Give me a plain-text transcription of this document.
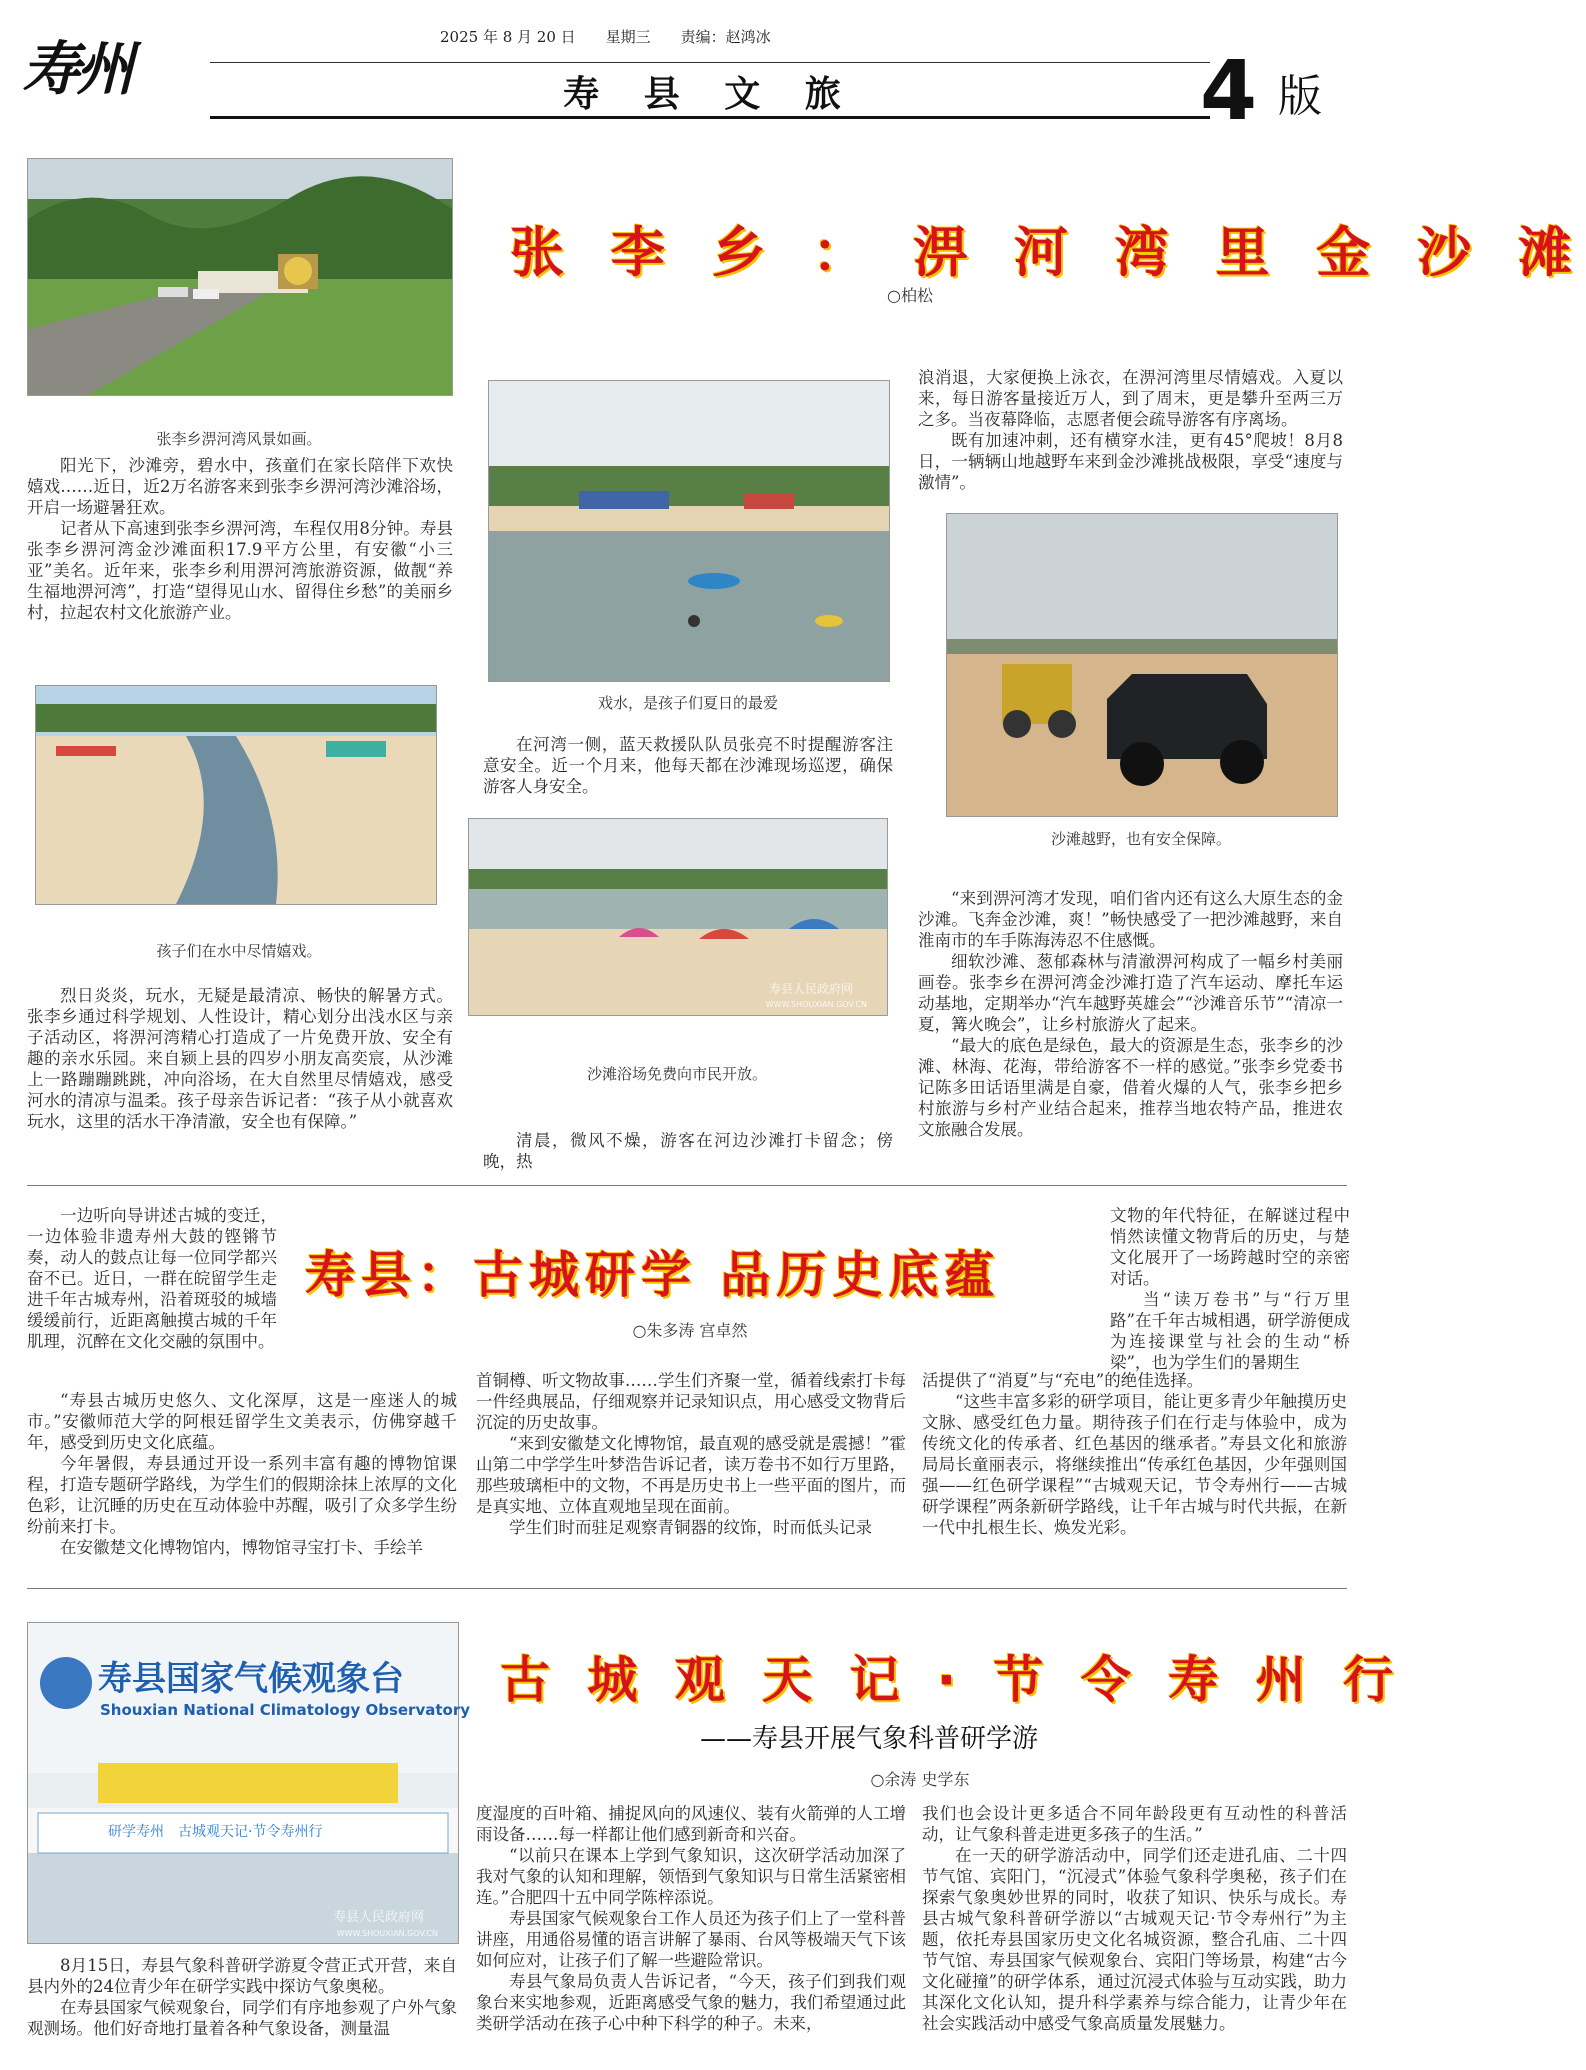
寿州	2025 年 8 月 20 日　　星期三　　责编：赵鸿冰
寿 县 文 旅	4 版
张 李 乡 ： 淠 河 湾 里 金 沙 滩
○柏松
张李乡淠河湾风景如画。

阳光下，沙滩旁，碧水中，孩童们在家长陪伴下欢快嬉戏……近日，近2万名游客来到张李乡淠河湾沙滩浴场，开启一场避暑狂欢。

记者从下高速到张李乡淠河湾，车程仅用8分钟。寿县张李乡淠河湾金沙滩面积17.9平方公里，有安徽“小三亚”美名。近年来，张李乡利用淠河湾旅游资源，做靓“养生福地淠河湾”，打造“望得见山水、留得住乡愁”的美丽乡村，拉起农村文化旅游产业。

孩子们在水中尽情嬉戏。

烈日炎炎，玩水，无疑是最清凉、畅快的解暑方式。张李乡通过科学规划、人性设计，精心划分出浅水区与亲子活动区，将淠河湾精心打造成了一片免费开放、安全有趣的亲水乐园。来自颍上县的四岁小朋友高奕宸，从沙滩上一路蹦蹦跳跳，冲向浴场，在大自然里尽情嬉戏，感受河水的清凉与温柔。孩子母亲告诉记者：“孩子从小就喜欢玩水，这里的活水干净清澈，安全也有保障。”

戏水，是孩子们夏日的最爱

在河湾一侧，蓝天救援队队员张亮不时提醒游客注意安全。近一个月来，他每天都在沙滩现场巡逻，确保游客人身安全。

寿县人民政府网
WWW.SHOUXIAN.GOV.CN
沙滩浴场免费向市民开放。

清晨，微风不燥，游客在河边沙滩打卡留念；傍晚，热

浪消退，大家便换上泳衣，在淠河湾里尽情嬉戏。入夏以来，每日游客量接近万人，到了周末，更是攀升至两三万之多。当夜幕降临，志愿者便会疏导游客有序离场。

既有加速冲刺，还有横穿水洼，更有45°爬坡！8月8日，一辆辆山地越野车来到金沙滩挑战极限，享受“速度与激情”。

沙滩越野，也有安全保障。

“来到淠河湾才发现，咱们省内还有这么大原生态的金沙滩。飞奔金沙滩，爽！”畅快感受了一把沙滩越野，来自淮南市的车手陈海涛忍不住感慨。

细软沙滩、葱郁森林与清澈淠河构成了一幅乡村美丽画卷。张李乡在淠河湾金沙滩打造了汽车运动、摩托车运动基地，定期举办“汽车越野英雄会”“沙滩音乐节”“清凉一夏，篝火晚会”，让乡村旅游火了起来。

“最大的底色是绿色，最大的资源是生态，张李乡的沙滩、林海、花海，带给游客不一样的感觉。”张李乡党委书记陈多田话语里满是自豪，借着火爆的人气，张李乡把乡村旅游与乡村产业结合起来，推荐当地农特产品，推进农文旅融合发展。

一边听向导讲述古城的变迁，一边体验非遗寿州大鼓的铿锵节奏，动人的鼓点让每一位同学都兴奋不已。近日，一群在皖留学生走进千年古城寿州，沿着斑驳的城墙缓缓前行，近距离触摸古城的千年肌理，沉醉在文化交融的氛围中。

寿县：古城研学 品历史底蕴
○朱多涛 宫卓然

“寿县古城历史悠久、文化深厚，这是一座迷人的城市。”安徽师范大学的阿根廷留学生文美表示，仿佛穿越千年，感受到历史文化底蕴。

今年暑假，寿县通过开设一系列丰富有趣的博物馆课程，打造专题研学路线，为学生们的假期涂抹上浓厚的文化色彩，让沉睡的历史在互动体验中苏醒，吸引了众多学生纷纷前来打卡。

在安徽楚文化博物馆内，博物馆寻宝打卡、手绘羊

首铜樽、听文物故事……学生们齐聚一堂，循着线索打卡每一件经典展品，仔细观察并记录知识点，用心感受文物背后沉淀的历史故事。

“来到安徽楚文化博物馆，最直观的感受就是震撼！”霍山第二中学学生叶梦浩告诉记者，读万卷书不如行万里路，那些玻璃柜中的文物，不再是历史书上一些平面的图片，而是真实地、立体直观地呈现在面前。

学生们时而驻足观察青铜器的纹饰，时而低头记录

文物的年代特征，在解谜过程中悄然读懂文物背后的历史，与楚文化展开了一场跨越时空的亲密对话。

当“读万卷书”与“行万里路”在千年古城相遇，研学游便成为连接课堂与社会的生动“桥梁”，也为学生们的暑期生

活提供了“消夏”与“充电”的绝佳选择。

“这些丰富多彩的研学项目，能让更多青少年触摸历史文脉、感受红色力量。期待孩子们在行走与体验中，成为传统文化的传承者、红色基因的继承者。”寿县文化和旅游局局长童丽表示，将继续推出“传承红色基因，少年强则国强——红色研学课程”“古城观天记，节令寿州行——古城研学课程”两条新研学路线，让千年古城与时代共振，在新一代中扎根生长、焕发光彩。

寿县国家气候观象台
Shouxian National Climatology Observatory
研学寿州　古城观天记·节令寿州行
寿县人民政府网
WWW.SHOUXIAN.GOV.CN
古 城 观 天 记 · 节 令 寿 州 行
——寿县开展气象科普研学游
○余涛 史学东

8月15日，寿县气象科普研学游夏令营正式开营，来自县内外的24位青少年在研学实践中探访气象奥秘。

在寿县国家气候观象台，同学们有序地参观了户外气象观测场。他们好奇地打量着各种气象设备，测量温

度湿度的百叶箱、捕捉风向的风速仪、装有火箭弹的人工增雨设备……每一样都让他们感到新奇和兴奋。

“以前只在课本上学到气象知识，这次研学活动加深了我对气象的认知和理解，领悟到气象知识与日常生活紧密相连。”合肥四十五中同学陈梓添说。

寿县国家气候观象台工作人员还为孩子们上了一堂科普讲座，用通俗易懂的语言讲解了暴雨、台风等极端天气下该如何应对，让孩子们了解一些避险常识。

寿县气象局负责人告诉记者，“今天，孩子们到我们观象台来实地参观，近距离感受气象的魅力，我们希望通过此类研学活动在孩子心中种下科学的种子。未来，

我们也会设计更多适合不同年龄段更有互动性的科普活动，让气象科普走进更多孩子的生活。”

在一天的研学游活动中，同学们还走进孔庙、二十四节气馆、宾阳门，“沉浸式”体验气象科学奥秘，孩子们在探索气象奥妙世界的同时，收获了知识、快乐与成长。寿县古城气象科普研学游以“古城观天记·节令寿州行”为主题，依托寿县国家历史文化名城资源，整合孔庙、二十四节气馆、寿县国家气候观象台、宾阳门等场景，构建“古今文化碰撞”的研学体系，通过沉浸式体验与互动实践，助力其深化文化认知，提升科学素养与综合能力，让青少年在社会实践活动中感受气象高质量发展魅力。
